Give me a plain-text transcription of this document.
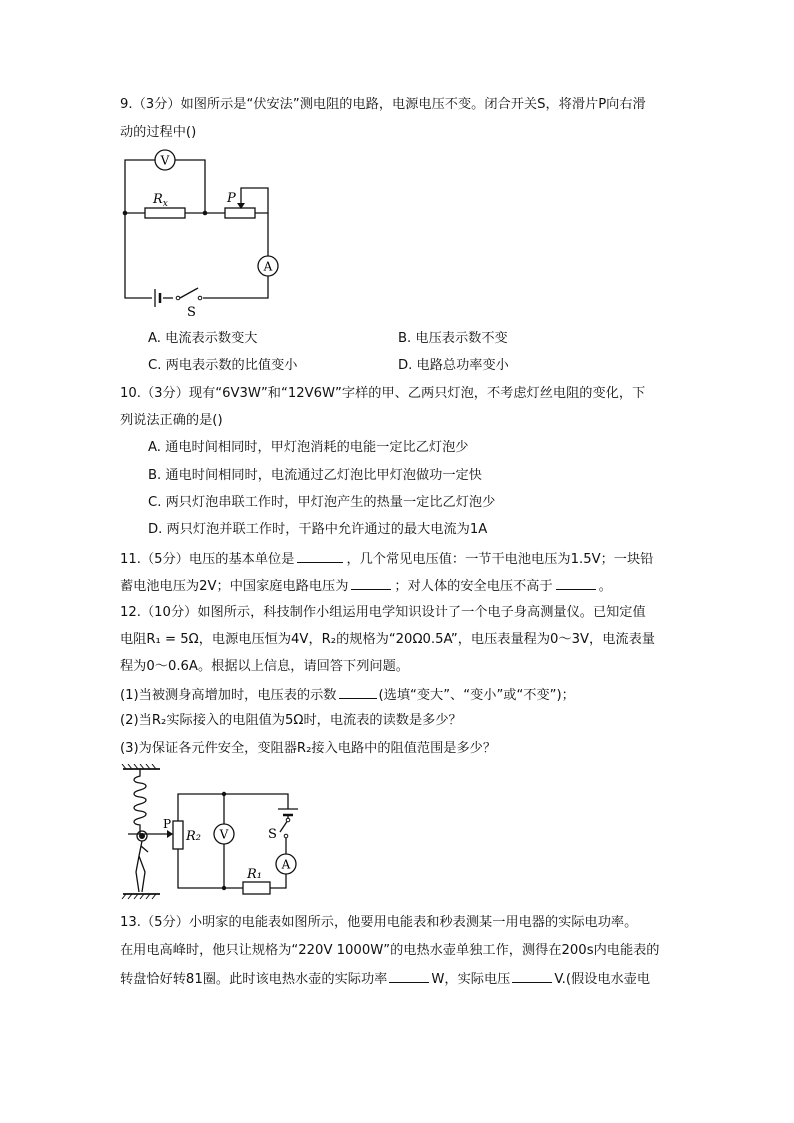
9.（3分）如图所示是“伏安法”测电阻的电路，电源电压不变。闭合开关S，将滑片P向右滑
动的过程中()
V
A
$R_x$	P
S
A. 电流表示数变大	B. 电压表示数不变
C. 两电表示数的比值变小	D. 电路总功率变小
10.（3分）现有“6V3W”和“12V6W”字样的甲、乙两只灯泡，不考虑灯丝电阻的变化，下
列说法正确的是()
A. 通电时间相同时，甲灯泡消耗的电能一定比乙灯泡少
B. 通电时间相同时，电流通过乙灯泡比甲灯泡做功一定快
C. 两只灯泡串联工作时，甲灯泡产生的热量一定比乙灯泡少
D. 两只灯泡并联工作时，干路中允许通过的最大电流为1A
11.（5分）电压的基本单位是	，几个常见电压值：一节干电池电压为1.5V；一块铅
蓄电池电压为2V；中国家庭电路电压为	；对人体的安全电压不高于	。
12.（10分）如图所示，科技制作小组运用电学知识设计了一个电子身高测量仪。已知定值
电阻R₁ = 5Ω，电源电压恒为4V，R₂的规格为“20Ω0.5A”，电压表量程为0～3V，电流表量
程为0～0.6A。根据以上信息，请回答下列问题。
(1)当被测身高增加时，电压表的示数	(选填“变大”、“变小”或“不变”)；
(2)当R₂实际接入的电阻值为5Ω时，电流表的读数是多少？
(3)为保证各元件安全，变阻器R₂接入电路中的阻值范围是多少？
V
A
P
R₂	S
R₁
13.（5分）小明家的电能表如图所示，他要用电能表和秒表测某一用电器的实际电功率。
在用电高峰时，他只让规格为“220V 1000W”的电热水壶单独工作，测得在200s内电能表的
转盘恰好转81圈。此时该电热水壶的实际功率	W，实际电压	V.(假设电水壶电
